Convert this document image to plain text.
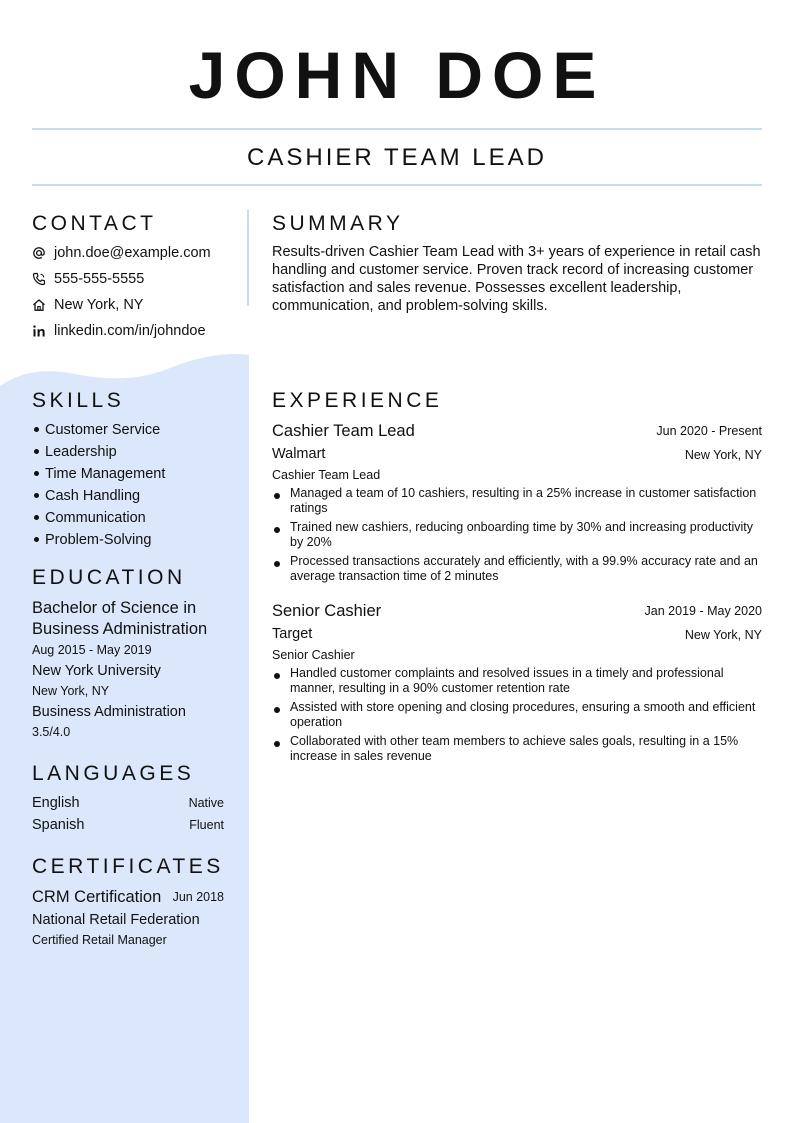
JOHN DOE
CASHIER TEAM LEAD
CONTACT
john.doe@example.com
555-555-5555
New York, NY
linkedin.com/in/johndoe
SKILLS
Customer Service
Leadership
Time Management
Cash Handling
Communication
Problem-Solving
EDUCATION
Bachelor of Science in
Business Administration
Aug 2015 - May 2019
New York University
New York, NY
Business Administration
3.5/4.0
LANGUAGES
English	Native
Spanish	Fluent
CERTIFICATES
CRM Certification Jun 2018
National Retail Federation
Certified Retail Manager
SUMMARY
Results-driven Cashier Team Lead with 3+ years of experience in retail cash handling and customer service. Proven track record of increasing customer satisfaction and sales revenue. Possesses excellent leadership, communication, and problem-solving skills.
EXPERIENCE
Cashier Team Lead	Jun 2020 - Present
Walmart	New York, NY
Cashier Team Lead
Managed a team of 10 cashiers, resulting in a 25% increase in customer satisfaction ratings
Trained new cashiers, reducing onboarding time by 30% and increasing productivity by 20%
Processed transactions accurately and efficiently, with a 99.9% accuracy rate and an average transaction time of 2 minutes
Senior Cashier	Jan 2019 - May 2020
Target	New York, NY
Senior Cashier
Handled customer complaints and resolved issues in a timely and professional manner, resulting in a 90% customer retention rate
Assisted with store opening and closing procedures, ensuring a smooth and efficient operation
Collaborated with other team members to achieve sales goals, resulting in a 15% increase in sales revenue
